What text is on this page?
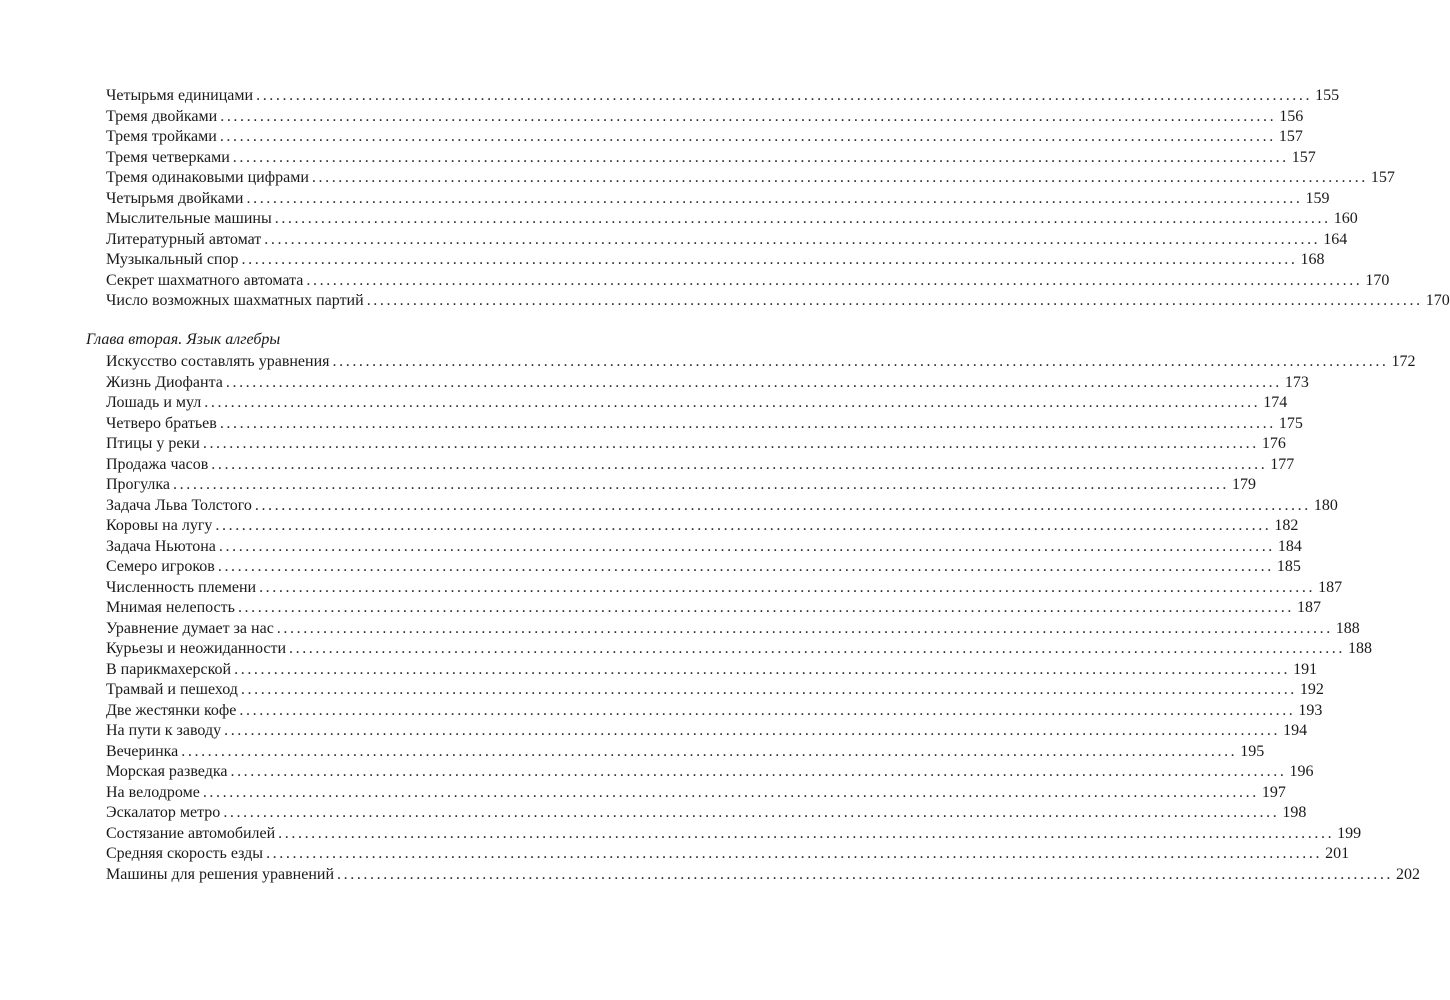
Четырьмя единицами ................................................................................................................................................................ 155
Тремя двойками ................................................................................................................................................................ 156
Тремя тройками ................................................................................................................................................................ 157
Тремя четверками ................................................................................................................................................................ 157
Тремя одинаковыми цифрами ................................................................................................................................................................ 157
Четырьмя двойками ................................................................................................................................................................ 159
Мыслительные машины ................................................................................................................................................................ 160
Литературный автомат ................................................................................................................................................................ 164
Музыкальный спор ................................................................................................................................................................ 168
Секрет шахматного автомата ................................................................................................................................................................ 170
Число возможных шахматных партий ................................................................................................................................................................ 170
Глава вторая. Язык алгебры
Искусство составлять уравнения ................................................................................................................................................................ 172
Жизнь Диофанта ................................................................................................................................................................ 173
Лошадь и мул ................................................................................................................................................................ 174
Четверо братьев ................................................................................................................................................................ 175
Птицы у реки ................................................................................................................................................................ 176
Продажа часов ................................................................................................................................................................ 177
Прогулка ................................................................................................................................................................ 179
Задача Льва Толстого ................................................................................................................................................................ 180
Коровы на лугу ................................................................................................................................................................ 182
Задача Ньютона ................................................................................................................................................................ 184
Семеро игроков ................................................................................................................................................................ 185
Численность племени ................................................................................................................................................................ 187
Мнимая нелепость ................................................................................................................................................................ 187
Уравнение думает за нас ................................................................................................................................................................ 188
Курьезы и неожиданности ................................................................................................................................................................ 188
В парикмахерской ................................................................................................................................................................ 191
Трамвай и пешеход ................................................................................................................................................................ 192
Две жестянки кофе ................................................................................................................................................................ 193
На пути к заводу ................................................................................................................................................................ 194
Вечеринка ................................................................................................................................................................ 195
Морская разведка ................................................................................................................................................................ 196
На велодроме ................................................................................................................................................................ 197
Эскалатор метро ................................................................................................................................................................ 198
Состязание автомобилей ................................................................................................................................................................ 199
Средняя скорость езды ................................................................................................................................................................ 201
Машины для решения уравнений ................................................................................................................................................................ 202
